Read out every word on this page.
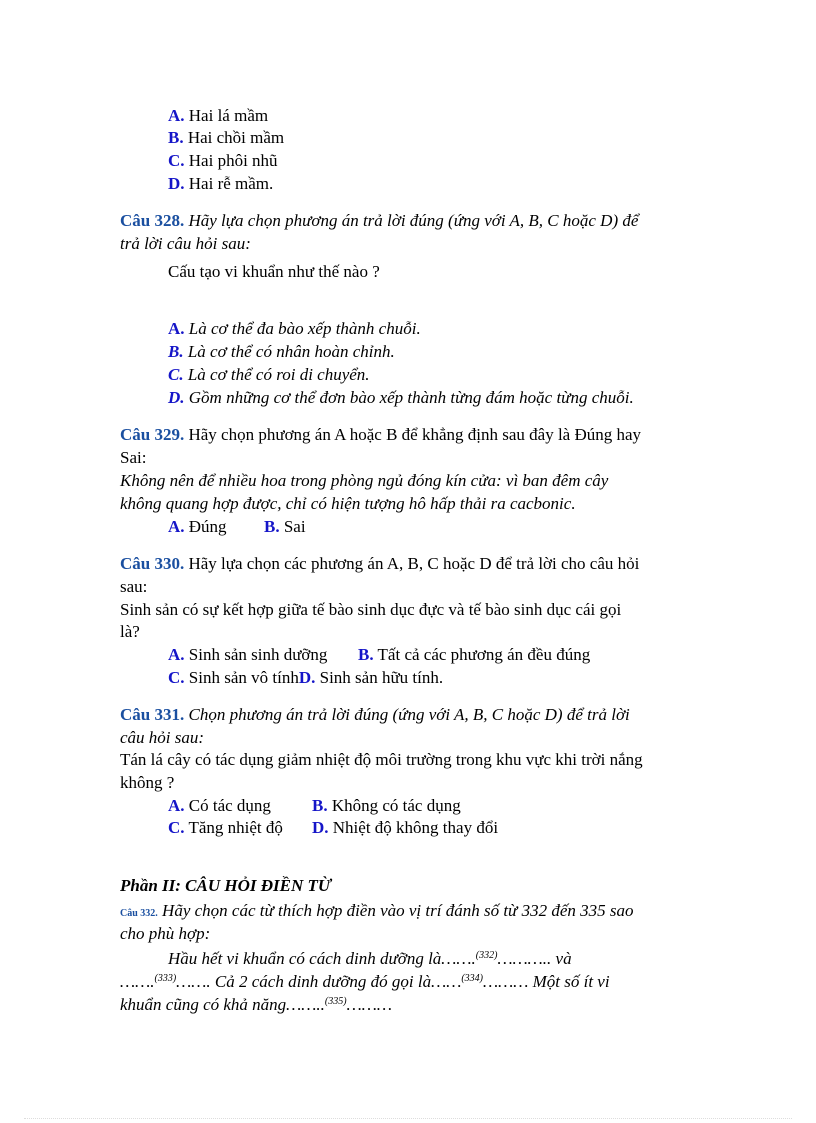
A. Hai lá mầm
B. Hai chồi mầm
C. Hai phôi nhũ
D. Hai rễ mầm.
Câu 328. Hãy lựa chọn phương án trả lời đúng (ứng với A, B, C hoặc D) để
trả lời câu hỏi sau:
Cấu tạo vi khuẩn như thế nào ?
A. Là cơ thể đa bào xếp thành chuỗi.
B. Là cơ thể có nhân hoàn chỉnh.
C. Là cơ thể có roi di chuyển.
D. Gồm những cơ thể đơn bào xếp thành từng đám hoặc từng chuỗi.
Câu 329. Hãy chọn phương án A hoặc B để khẳng định sau đây là Đúng hay
Sai:
Không nên để nhiều hoa trong phòng ngủ đóng kín cửa: vì ban đêm cây
không quang hợp được, chỉ có hiện tượng hô hấp thải ra cacbonic.
A. Đúng B. Sai
Câu 330. Hãy lựa chọn các phương án A, B, C hoặc D để trả lời cho câu hỏi
sau:
Sinh sản có sự kết hợp giữa tế bào sinh dục đực và tế bào sinh dục cái gọi
là?
A. Sinh sản sinh dưỡng B. Tất cả các phương án đều đúng
C. Sinh sản vô tínhD. Sinh sản hữu tính.
Câu 331. Chọn phương án trả lời đúng (ứng với A, B, C hoặc D) để trả lời
câu hỏi sau:
Tán lá cây có tác dụng giảm nhiệt độ môi trường trong khu vực khi trời nắng
không ?
A. Có tác dụng B. Không có tác dụng
C. Tăng nhiệt độ D. Nhiệt độ không thay đổi
Phần II: CÂU HỎI ĐIỀN TỪ
Câu 332. Hãy chọn các từ thích hợp điền vào vị trí đánh số từ 332 đến 335 sao
cho phù hợp:
Hầu hết vi khuẩn có cách dinh dưỡng là…….$^{(332)}$……….. và
…….$^{(333)}$……. Cả 2 cách dinh dưỡng đó gọi là……$^{(334)}$……… Một số ít vi
khuẩn cũng có khả năng……..$^{(335)}$………
